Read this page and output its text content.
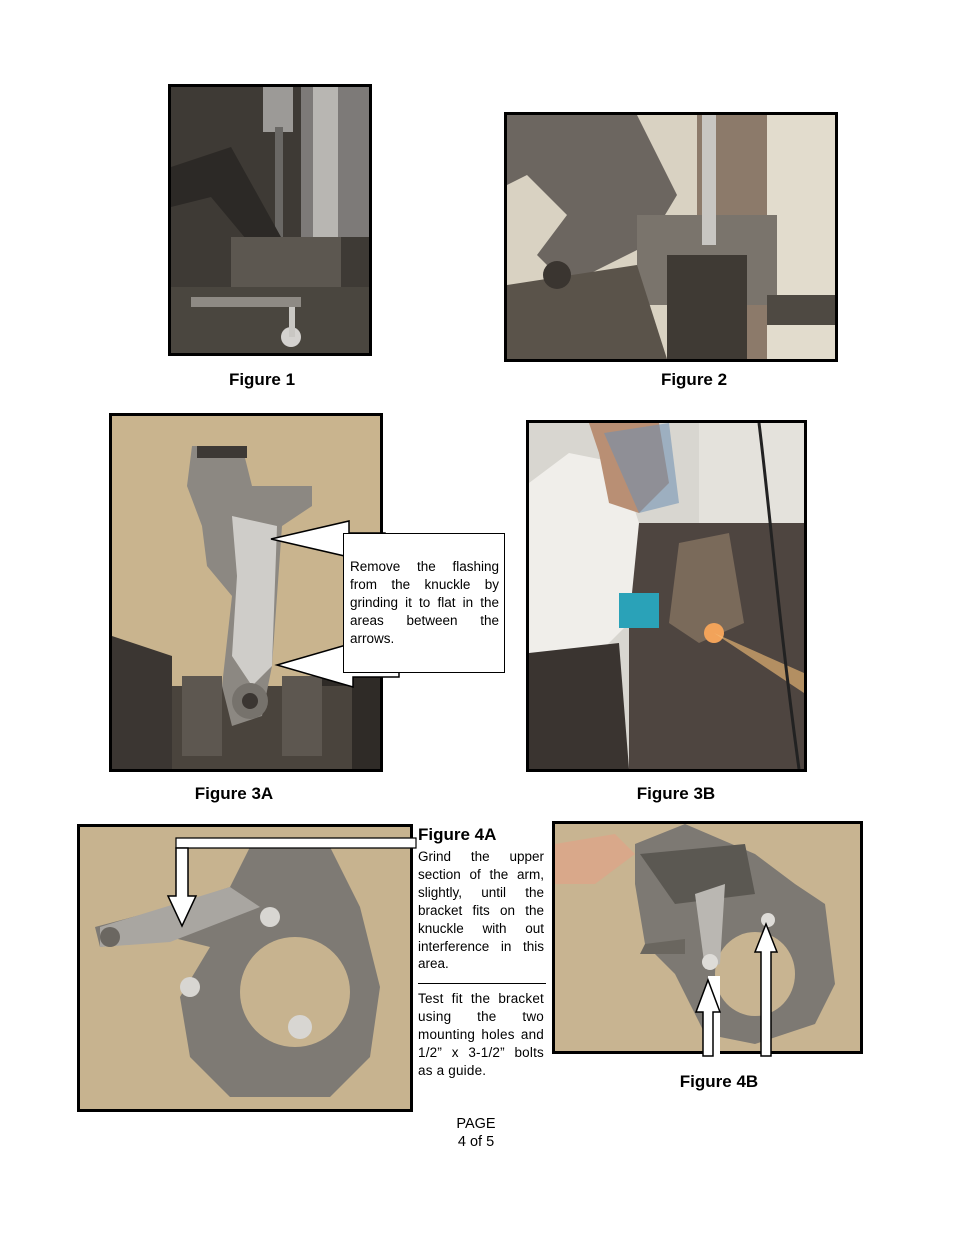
Figure 1	Figure 2
Remove the flashing from the knuckle by grinding it to flat in the areas between the arrows.
Figure 3A	Figure 3B
Figure 4A
Grind the upper section of the arm, slightly, until the bracket fits on the knuckle with out interference in this area.
Test fit the bracket using the two mounting holes and 1/2” x 3-1/2” bolts as a guide.
Figure 4B
PAGE
4 of 5
